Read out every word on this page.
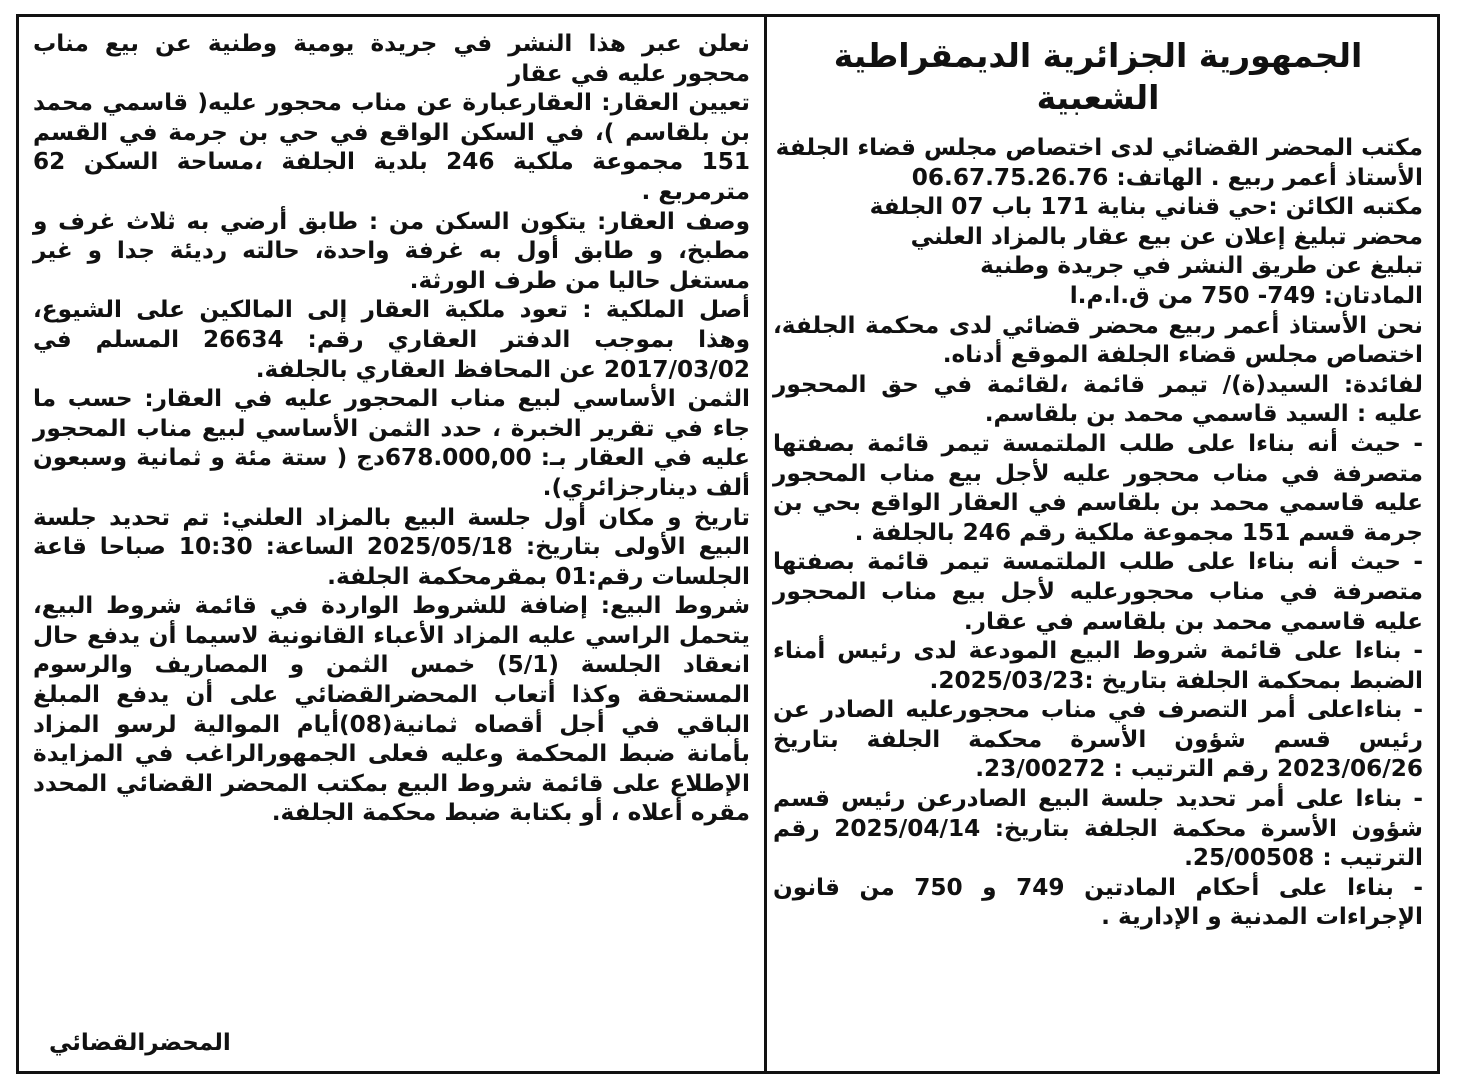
الجمهورية الجزائرية الديمقراطية الشعبية

مكتب المحضر القضائي لدى اختصاص مجلس قضاء الجلفة

الأستاذ أعمر ربيع . الهاتف: 06.67.75.26.76

مكتبه الكائن :حي قناني بناية 171 باب 07 الجلفة

محضر تبليغ إعلان عن بيع عقار بالمزاد العلني

تبليغ عن طريق النشر في جريدة وطنية

المادتان: 749- 750 من ق.ا.م.ا

نحن الأستاذ أعمر ربيع محضر قضائي لدى محكمة الجلفة، اختصاص مجلس قضاء الجلفة الموقع أدناه.

لفائدة: السيد(ة)/ تيمر قائمة ،لقائمة في حق المحجور عليه : السيد قاسمي محمد بن بلقاسم.

- حيث أنه بناءا على طلب الملتمسة تيمر قائمة بصفتها متصرفة في مناب محجور عليه لأجل بيع مناب المحجور عليه قاسمي محمد بن بلقاسم في العقار الواقع بحي بن جرمة قسم 151 مجموعة ملكية رقم 246 بالجلفة .

- حيث أنه بناءا على طلب الملتمسة تيمر قائمة بصفتها متصرفة في مناب محجورعليه لأجل بيع مناب المحجور عليه قاسمي محمد بن بلقاسم في عقار.

- بناءا على قائمة شروط البيع المودعة لدى رئيس أمناء الضبط بمحكمة الجلفة بتاريخ :2025/03/23.

- بناءاعلى أمر التصرف في مناب محجورعليه الصادر عن رئيس قسم شؤون الأسرة محكمة الجلفة بتاريخ 2023/06/26 رقم الترتيب : 23/00272.

- بناءا على أمر تحديد جلسة البيع الصادرعن رئيس قسم شؤون الأسرة محكمة الجلفة بتاريخ: 2025/04/14 رقم الترتيب : 25/00508.

- بناءا على أحكام المادتين 749 و 750 من قانون الإجراءات المدنية و الإدارية .

نعلن عبر هذا النشر في جريدة يومية وطنية عن بيع مناب محجور عليه في عقار

تعيين العقار: العقارعبارة عن مناب محجور عليه( قاسمي محمد بن بلقاسم )، في السكن الواقع في حي بن جرمة في القسم 151 مجموعة ملكية 246 بلدية الجلفة ،مساحة السكن 62 مترمربع .

وصف العقار: يتكون السكن من : طابق أرضي به ثلاث غرف و مطبخ، و طابق أول به غرفة واحدة، حالته رديئة جدا و غير مستغل حاليا من طرف الورثة.

أصل الملكية : تعود ملكية العقار إلى المالكين على الشيوع، وهذا بموجب الدفتر العقاري رقم: 26634 المسلم في 2017/03/02 عن المحافظ العقاري بالجلفة.

الثمن الأساسي لبيع مناب المحجور عليه في العقار: حسب ما جاء في تقرير الخبرة ، حدد الثمن الأساسي لبيع مناب المحجور عليه في العقار بـ: 678.000,00دج ( ستة مئة و ثمانية وسبعون ألف دينارجزائري).

تاريخ و مكان أول جلسة البيع بالمزاد العلني: تم تحديد جلسة البيع الأولى بتاريخ: 2025/05/18 الساعة: 10:30 صباحا قاعة الجلسات رقم:01 بمقرمحكمة الجلفة.

شروط البيع: إضافة للشروط الواردة في قائمة شروط البيع، يتحمل الراسي عليه المزاد الأعباء القانونية لاسيما أن يدفع حال انعقاد الجلسة (5/1) خمس الثمن و المصاريف والرسوم المستحقة وكذا أتعاب المحضرالقضائي على أن يدفع المبلغ الباقي في أجل أقصاه ثمانية(08)أيام الموالية لرسو المزاد بأمانة ضبط المحكمة وعليه فعلى الجمهورالراغب في المزايدة الإطلاع على قائمة شروط البيع بمكتب المحضر القضائي المحدد مقره أعلاه ، أو بكتابة ضبط محكمة الجلفة.

المحضرالقضائي
